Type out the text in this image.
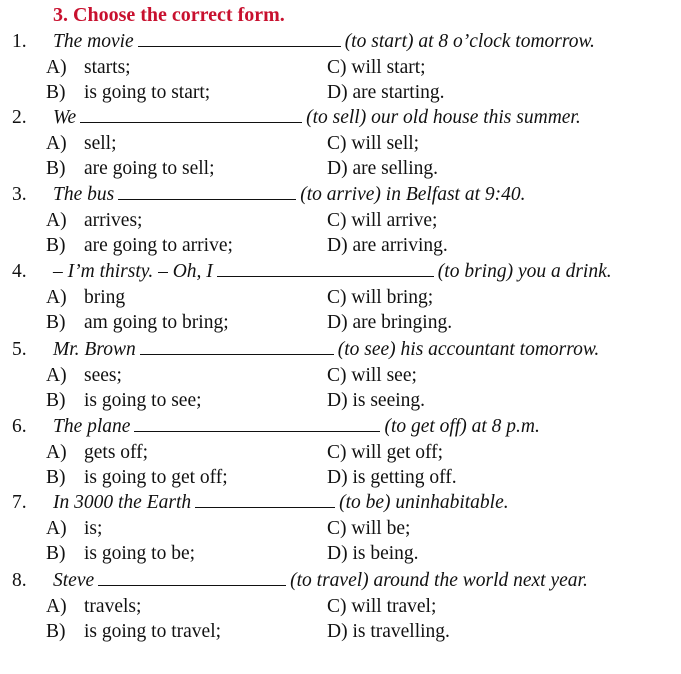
3. Choose the correct form.
1. The movie	(to start) at 8 o’clock tomorrow.
A) starts;	C) will start;
B) is going to start;	D) are starting.
2. We	(to sell) our old house this summer.
A) sell;	C) will sell;
B) are going to sell;	D) are selling.
3. The bus	(to arrive) in Belfast at 9:40.
A) arrives;	C) will arrive;
B) are going to arrive;	D) are arriving.
4. – I’m thirsty. – Oh, I	(to bring) you a drink.
A) bring	C) will bring;
B) am going to bring;	D) are bringing.
5. Mr. Brown	(to see) his accountant tomorrow.
A) sees;	C) will see;
B) is going to see;	D) is seeing.
6. The plane	(to get off) at 8 p.m.
A) gets off;	C) will get off;
B) is going to get off;	D) is getting off.
7. In 3000 the Earth	(to be) uninhabitable.
A) is;	C) will be;
B) is going to be;	D) is being.
8. Steve	(to travel) around the world next year.
A) travels;	C) will travel;
B) is going to travel;	D) is travelling.
